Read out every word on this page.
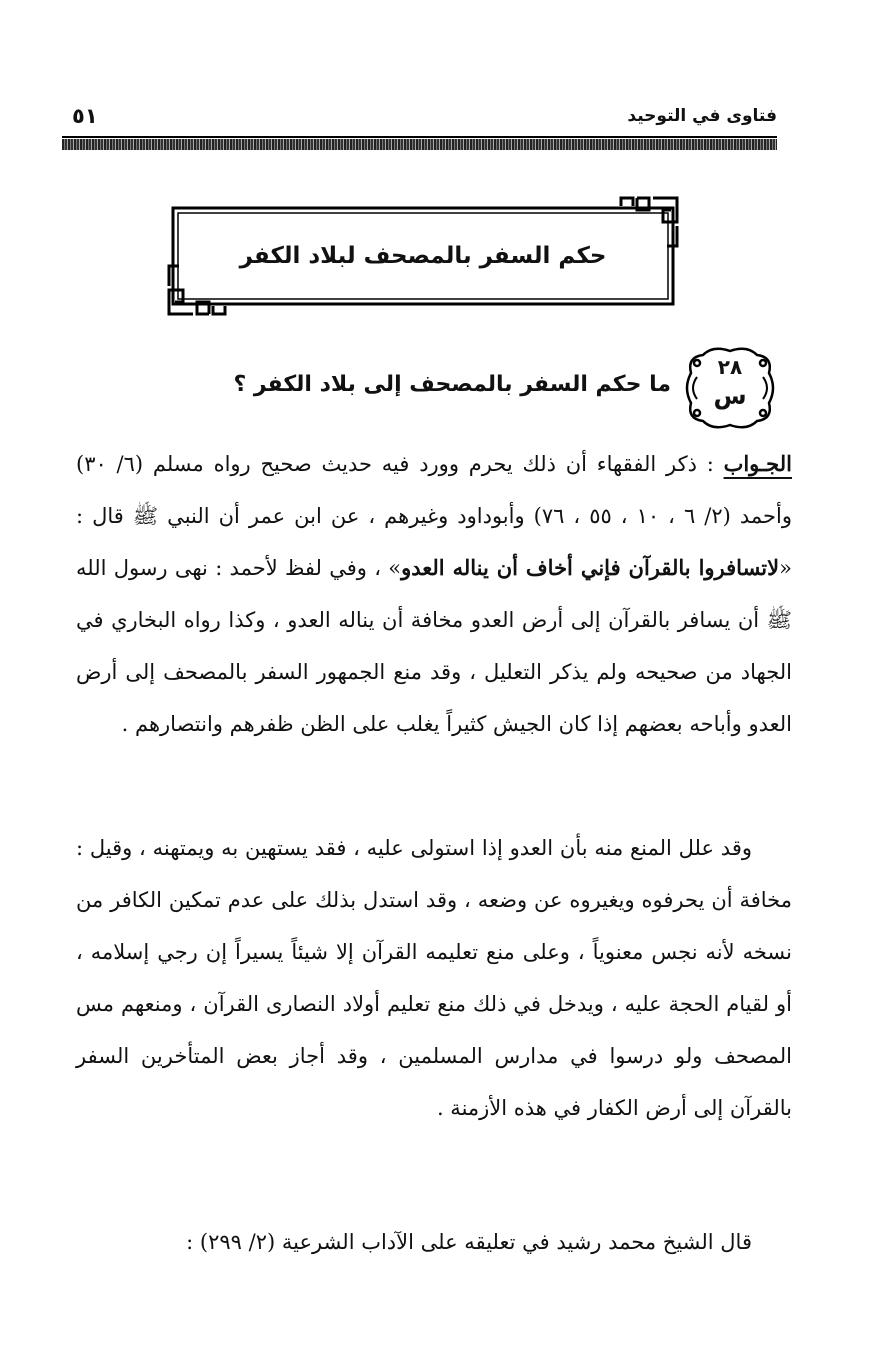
فتاوى في التوحيد
٥١
حكم السفر بالمصحف لبلاد الكفر
٢٨
س
ما حكم السفر بالمصحف إلى بلاد الكفر ؟
الجـواب : ذكر الفقهاء أن ذلك يحرم وورد فيه حديث صحيح رواه مسلم (٦/ ٣٠) وأحمد (٢/ ٦ ، ١٠ ، ٥٥ ، ٧٦) وأبوداود وغيرهم ، عن ابن عمر أن النبي ﷺ قال : «لاتسافروا بالقرآن فإني أخاف أن يناله العدو» ، وفي لفظ لأحمد : نهى رسول الله ﷺ أن يسافر بالقرآن إلى أرض العدو مخافة أن يناله العدو ، وكذا رواه البخاري في الجهاد من صحيحه ولم يذكر التعليل ، وقد منع الجمهور السفر بالمصحف إلى أرض العدو وأباحه بعضهم إذا كان الجيش كثيراً يغلب على الظن ظفرهم وانتصارهم .
وقد علل المنع منه بأن العدو إذا استولى عليه ، فقد يستهين به ويمتهنه ، وقيل : مخافة أن يحرفوه ويغيروه عن وضعه ، وقد استدل بذلك على عدم تمكين الكافر من نسخه لأنه نجس معنوياً ، وعلى منع تعليمه القرآن إلا شيئاً يسيراً إن رجي إسلامه ، أو لقيام الحجة عليه ، ويدخل في ذلك منع تعليم أولاد النصارى القرآن ، ومنعهم مس المصحف ولو درسوا في مدارس المسلمين ، وقد أجاز بعض المتأخرين السفر بالقرآن إلى أرض الكفار في هذه الأزمنة .
قال الشيخ محمد رشيد في تعليقه على الآداب الشرعية (٢/ ٢٩٩) :
